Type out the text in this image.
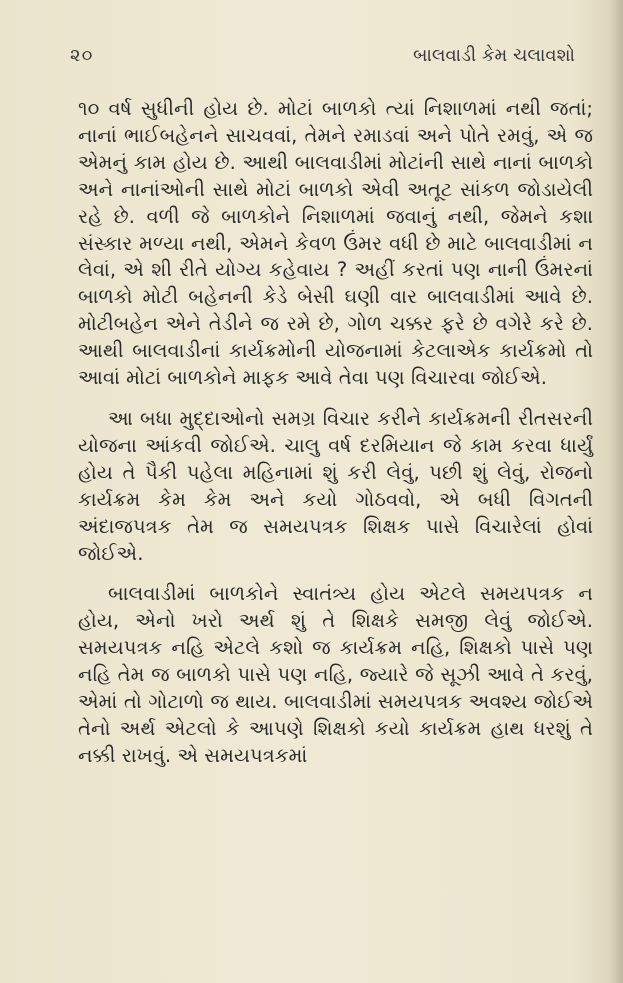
૨૦	બાલવાડી કેમ ચલાવશો

૧૦ વર્ષ સુધીની હોય છે. મોટાં બાળકો ત્યાં નિશાળમાં નથી જતાં; નાનાં ભાઈબહેનને સાચવવાં, તેમને રમાડવાં અને પોતે રમવું, એ જ એમનું કામ હોય છે. આથી બાલવાડીમાં મોટાંની સાથે નાનાં બાળકો અને નાનાંઓની સાથે મોટાં બાળકો એવી અતૂટ સાંકળ જોડાયેલી રહે છે. વળી જે બાળકોને નિશાળમાં જવાનું નથી, જેમને કશા સંસ્કાર મળ્યા નથી, એમને કેવળ ઉંમર વધી છે માટે બાલવાડીમાં ન લેવાં, એ શી રીતે યોગ્ય કહેવાય ? અહીં કરતાં પણ નાની ઉંમરનાં બાળકો મોટી બહેનની કેડે બેસી ઘણી વાર બાલવાડીમાં આવે છે. મોટીબહેન એને તેડીને જ રમે છે, ગોળ ચક્કર ફરે છે વગેરે કરે છે. આથી બાલવાડીનાં કાર્યક્રમોની યોજનામાં કેટલાએક કાર્યક્રમો તો આવાં મોટાં બાળકોને માફક આવે તેવા પણ વિચારવા જોઈએ.

આ બધા મુદ્દાઓનો સમગ્ર વિચાર કરીને કાર્યક્રમની રીતસરની યોજના આંકવી જોઈએ. ચાલુ વર્ષ દરમિયાન જે કામ કરવા ધાર્યું હોય તે પૈકી પહેલા મહિનામાં શું કરી લેવું, પછી શું લેવું, રોજનો કાર્યક્રમ કેમ કેમ અને કયો ગોઠવવો, એ બધી વિગતની અંદાજપત્રક તેમ જ સમયપત્રક શિક્ષક પાસે વિચારેલાં હોવાં જોઈએ.

બાલવાડીમાં બાળકોને સ્વાતંત્ર્ય હોય એટલે સમયપત્રક ન હોય, એનો ખરો અર્થ શું તે શિક્ષકે સમજી લેવું જોઈએ. સમયપત્રક નહિ એટલે કશો જ કાર્યક્રમ નહિ, શિક્ષકો પાસે પણ નહિ તેમ જ બાળકો પાસે પણ નહિ, જ્યારે જે સૂઝી આવે તે કરવું, એમાં તો ગોટાળો જ થાય. બાલવાડીમાં સમયપત્રક અવશ્ય જોઈએ તેનો અર્થ એટલો કે આપણે શિક્ષકો કયો કાર્યક્રમ હાથ ધરશું તે નક્કી રાખવું. એ સમયપત્રકમાં
